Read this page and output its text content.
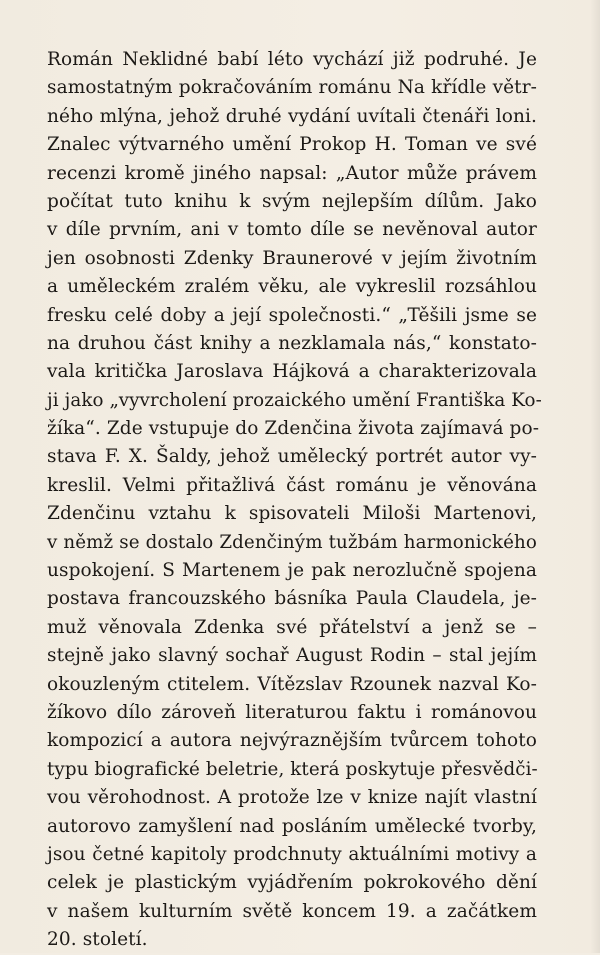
Román Neklidné babí léto vychází již podruhé. Je
samostatným pokračováním románu Na křídle větr-
ného mlýna, jehož druhé vydání uvítali čtenáři loni.
Znalec výtvarného umění Prokop H. Toman ve své
recenzi kromě jiného napsal: „Autor může právem
počítat tuto knihu k svým nejlepším dílům. Jako
v díle prvním, ani v tomto díle se nevěnoval autor
jen osobnosti Zdenky Braunerové v jejím životním
a uměleckém zralém věku, ale vykreslil rozsáhlou
fresku celé doby a její společnosti.“ „Těšili jsme se
na druhou část knihy a nezklamala nás,“ konstato-
vala kritička Jaroslava Hájková a charakterizovala
ji jako „vyvrcholení prozaického umění Františka Ko-
žíka“. Zde vstupuje do Zdenčina života zajímavá po-
stava F. X. Šaldy, jehož umělecký portrét autor vy-
kreslil. Velmi přitažlivá část románu je věnována
Zdenčinu vztahu k spisovateli Miloši Martenovi,
v němž se dostalo Zdenčiným tužbám harmonického
uspokojení. S Martenem je pak nerozlučně spojena
postava francouzského básníka Paula Claudela, je-
muž věnovala Zdenka své přátelství a jenž se –
stejně jako slavný sochař August Rodin – stal jejím
okouzleným ctitelem. Vítězslav Rzounek nazval Ko-
žíkovo dílo zároveň literaturou faktu i románovou
kompozicí a autora nejvýraznějším tvůrcem tohoto
typu biografické beletrie, která poskytuje přesvědči-
vou věrohodnost. A protože lze v knize najít vlastní
autorovo zamyšlení nad posláním umělecké tvorby,
jsou četné kapitoly prodchnuty aktuálními motivy a
celek je plastickým vyjádřením pokrokového dění
v našem kulturním světě koncem 19. a začátkem
20. století.
